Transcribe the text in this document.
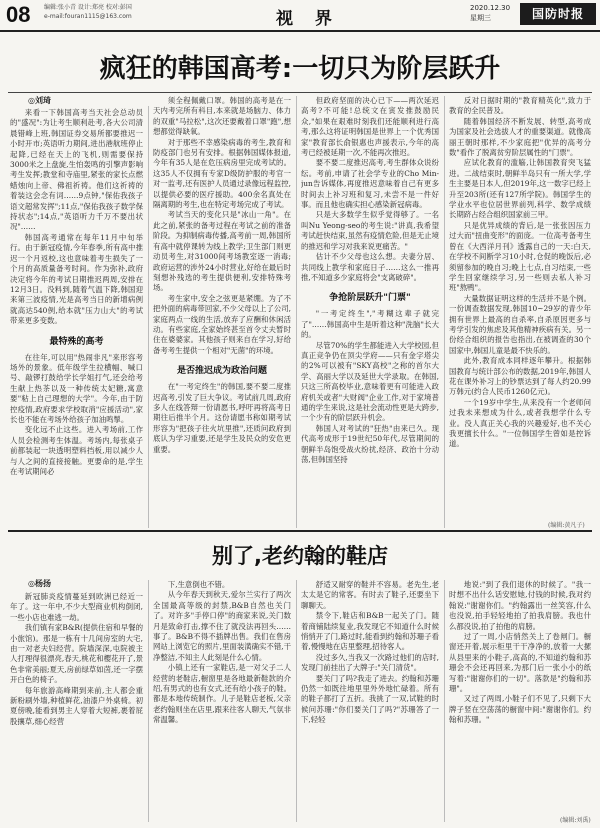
08 编辑:张小青 设计:郑亮 校对:彭国
e-mail:fouran1115@163.com	视 界
2020.12.30
星期三	国防时报
疯狂的韩国高考:一切只为阶层跃升
◎刘琦

来看一下韩国高考当天社会总动员的"盛况":为让考生顺利赴考,各大公司清晨错峰上班,韩国证券交易所都要推迟一小时开市;英语听力期间,进出港航班停止起降,已经在天上的飞机,则需要保持3000米之上盘旋,生怕轰鸣的引擎声影响考生发挥;教堂和寺庙里,紧张的家长点燃蜡烛向上帝、佛祖祈祷。他们这祈祷的着装这会念有词……9点钟,"保佑我孩子语文超常发挥";11点,"保佑我孩子数学保持状态";14点,"英语听力千万不要出状况"……

韩国高考通常在每年11月中旬举行。由于新冠疫情,今年春季,所有高中推迟一个月返校,这也意味着考生损失了一个月的高质量备考时间。作为弥补,政府决定将今年的考试日期推迟两周,安排在12月3日。没料到,随着气温下降,韩国迎来第三波疫情,光是高考当日的新增病例就高达540例,给本就"压力山大"的考试带来更多变数。

最特殊的高考

在往年,可以用"热闹非凡"来形容考场外的景象。低年级学生拉横幅、喊口号、敲锣打鼓给学长学姐打气,还会给考生献上热茶以及一种传统太妃糖,寓意要"粘上自己理想的大学"。今年,由于防控疫情,政府要求学校取消"应援活动",家长也不能在考场外给孩子加油鸣掣。

变化远不止这些。进入考场前,工作人员会检测考生体温。考场内,每张桌子前都装起一块透明塑料挡板,用以减少人与人之间的直接接触。更要命的是,学生在考试期间必

须全程佩戴口罩。韩国的高考是在一天内考完所有科目,本来就是场脑力、体力的双重"马拉松",这次还要戴着口罩"跑",想想都觉得缺氧。

对于那些不幸感染病毒的考生,教育和防疫部门也另有安排。根据韩国媒体报道,今年有35人是在危压病房里完成考试的。这35人不仅拥有专家D级防护服的考官一对一监考,还有医护人员通过录像远程监控,以提供必要的医疗援助。400余名真处在隔离期的考生,也在特定考场完成了考试。

考试当天的变化只是"冰山一角"。在此之前,紧张的备考过程在考试之前的准备阶段。为抑制病毒传播,高考前一周,韩国所有高中就停课转为线上教学;卫生部门则更动员考生,对31000间考场教室逐一消毒;政府运营的涉外24小时营业,好给在最后时刻想补残选的考生提供便利,安排特殊考场。

考生家中,安全之弦更是紧绷。为了不把外面的病毒带回家,不少父母以上了公司,家庭两点一线的生活,放弃了应酬和休闲活动。有些家庭,全家始终甚至首令丈夫暂时住在婆婆家。其他孩子则来自在学习,好给备考考生提供一个相对"无菌"的环境。

是否推迟成为政治问题

在"一考定终生"的韩国,要不要二度推迟高考,引发了巨大争议。考试前几周,政府多人在线答辩一份请愿书,呼吁再将高考日期往后推半个月。这份请愿书称如期考试形容为"把孩子往火坑里推",还质问政府到底认为学习重要,还是学生及民众的安危更重要。

但政府坚面的决心已下——两次延迟高考?不可能!总统文在寅发推鼓励民众,"如果在艰难时刻我们还能顺利进行高考,那么这将证明韩国是世界上一个优秀国家"教育部长俞银惠也声援表示,今年的高考已经被延期一次,不能再次推迟。

要不要二度推迟高考,考生群体众说纷纭。考前,申请了社会学专业的Cho Min-jun告诉媒体,再度推迟意味着自己有更多时间去上补习班和复习,未尝不是一件好事。而且他也确实担心感染新冠病毒。

只是大多数学生似乎觉得够了。一名叫Nu Yeong-seo的考生说:"讲真,我希望考试赶快结束,虽然有疫情危险,但是无止境的推迟和学习对我来说更痛苦。"

估计不少父母也这么想。夫妻分居、共同线上教学和家庭日子……这么一推再推,不知道多少家庭将会"支离破碎"。

争抢阶层跃升"门票"

"一考定终生","考糊这辈子就完了"……韩国高中生是听着这种"洗脑"长大的。

尽管70%的学生都能进入大学校园,但真正竞争仍在顶尖学府——只有金字塔尖的2%可以被有"SKY高校"之称的首尔大学、高丽大学以及延世大学录取。在韩国,只这三所高校毕业,意味着更有可能进入政府机关或者"大财阀"企业工作,对于家境普通的学生来说,这是社会流动性更是大跨步,一个少有的阶层跃升机会。

韩国人对考试的"狂热"由来已久。现代高考成形于19世纪50年代,尽管期间的朝鲜半岛饱受战火纷扰,经济、政治十分动荡,但韩国坚持

反对日据时期的"教育精英化",致力于教育的全民普及。

随着韩国经济不断发展、转型,高考成为国家及社会选拔人才的重要渠道。就像高丽王朝时那样,不少家庭把"优异的高考分数"看作了脱离贫穷阶层属性的"门票"。

应试化教育的滥觞,让韩国教育突飞猛进。二战结束时,朝鲜半岛只有一所大学,学生主要是日本人,但2019年,这一数字已经上升至203所(还有127所学院)。韩国学生的学业水平也位居世界前列,科学、数学成绩长期跻占经合组织国家前三甲。

只是优异成绩的背后,是一张张因压力过大而"扭曲变形"的面庞。一位高考备考生曾在《大西洋月刊》透露自己的一天:白天,在学校不间断学习10小时,仓促的晚饭后,必须留参加的晚自习;晚上七点,自习结束,一些学生回家继续学习,另一些则去私人补习班"熬鸭"。

大量数据证明这样的生活并不是个例。一份调查数据发现,韩国10~29岁的青少年拥有世界上最高的自杀率,自杀原因更多与考学引发的焦虑及其他精神疾病有关。另一份经合组织的报告也指出,在被调查的30个国家中,韩国儿童是最不快乐的。

此外,教育成本同样逐年攀升。根据韩国教育与统计部公布的数据,2019年,韩国人花在课外补习上的钞票达到了每人约20.99万韩元(约合人民币1260亿元)。

一个19岁中学生,从来没有一个老师问过我未来想成为什么,或者我想学什么专业。没人真正关心我的兴趣爱好,也不关心我更擅长什么。"一位韩国学生曾如是控诉道。

(编辑:黄凡子)
别了,老约翰的鞋店
◎杨扬

新冠肺炎疫情蔓延到欧洲已经近一年了。这一年中,不少大型商业机构倒闭,一些小店也难逃一劫。

我们镇有家B&R(提供住宿和早餐的小旅馆)。那是一栋有十几间房室的大宅,由一对老夫妇经营。院墙深深,屯院被主人打理得很漂亮,春天,桃花和樱花开了,景色非常美丽;夏天,房前绿草如茵,还一字摆开白色的椅子。

每年旅游高峰期到来前,主人都会重新粉刷外墙,种植鲜花,油漆户外桌椅。初夏傍晚,能看到男主人穿着大短裤,裹着屁股攘草,细心经营

下,生意倒也不错。

从今年春天到秋天,爱尔兰实行了两次全国最高等级的封禁,B&B自然也关门了。对许多"手停口停"的商家来说,关门数月是致命打击,撑不住了就没法再回头……事了。B&B不得不插牌出售。我们在售房网站上浏览它的照片,里面装潢确实不错,干净整洁,不知主人此刻是什么心情。

小镇上还有一家鞋店,是一对父子二人经营的老鞋店,橱窗里是各地最新鞋款的介绍,有男式的也有女式,还有给小孩子的鞋。都是本地传统制作。儿子是鞋店老板,父亲老约翰则坐在店里,跟来往客人聊天,气氛非常温馨。

舒适又耐穿的鞋并不容易。老先生,老太太是它的常客。有时去了鞋子,还要坐下聊聊天。

禁令下,鞋店和B&B一起关了门。随着商铺陆续复业,我发现它不知道什么时候悄悄开了门,路过时,能看到约翰和苏珊子看着,慢慢地在店里整理,招待客人。

没过多久,当我又一次路过他们的店时,发现门前挂出了大牌子:"关门清货"。

要关门了吗?我走了进去。约翰和苏珊仍然一如既往地里里外外地忙碌着。所有的鞋子都打了五折。我挑了一双,试鞋的时候问苏珊:"你们要关门了吗?"苏珊答了一下,轻轻

地说:"到了我们退休的时候了。"我一时想不出什么话安慰她,付钱的时候,我对约翰说:"谢谢你们。"约翰露出一丝笑容,什么也没说,拍手轻轻地拍了拍我肩膀。我也什么都没说,拍了拍他的肩膀。

过了一周,小店悄然关上了卷闸门。橱窗还开着,展示柜里干干净净的,放着一大摞从县里来的小鞋子,高高的,不知道约翰和苏珊会不会还再回来,为那门后一张小小的纸写着:"谢谢你们的一切"。落款是"约翰和苏珊"。

又过了两周,小鞋子们不见了,只剩下大牌子竖在空荡荡的橱窗中间:"谢谢你们。约翰和苏珊。"

(编辑:刘禹)
